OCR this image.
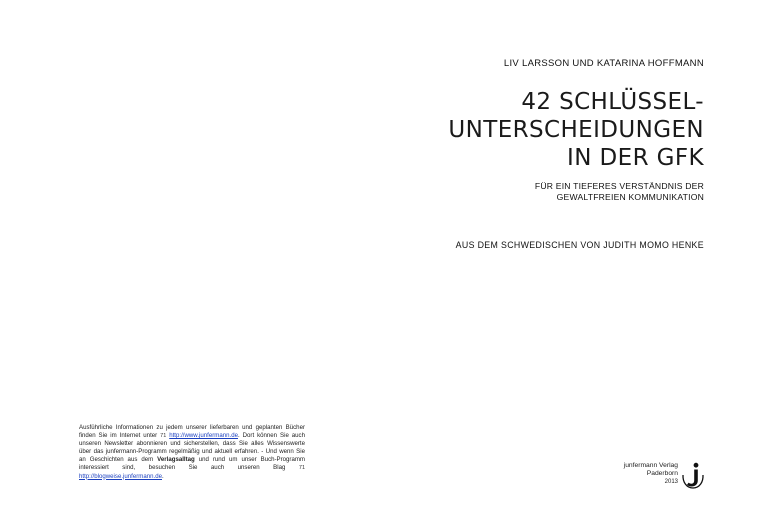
LIV LARSSON UND KATARINA HOFFMANN
42 SCHLÜSSEL-
UNTERSCHEIDUNGEN
IN DER GFK
FÜR EIN TIEFERES VERSTÄNDNIS DER
GEWALTFREIEN KOMMUNIKATION
AUS DEM SCHWEDISCHEN VON JUDITH MOMO HENKE
Ausführliche Informationen zu jedem unserer lieferbaren und geplanten Bücher finden Sie im Internet unter 71 http://www.junfermann.de. Dort können Sie auch unseren Newsletter abonnieren und sicherstellen, dass Sie alles Wissenswerte über das junfermann-Programm regelmäßig und aktuell erfahren. - Und wenn Sie an Geschichten aus dem Verlagsalltag und rund um unser Buch-Programm interessiert sind, besuchen Sie auch unseren Blag 71 http://blogweise.junfermann.de.
junfermann Verlag
Paderborn
2013
